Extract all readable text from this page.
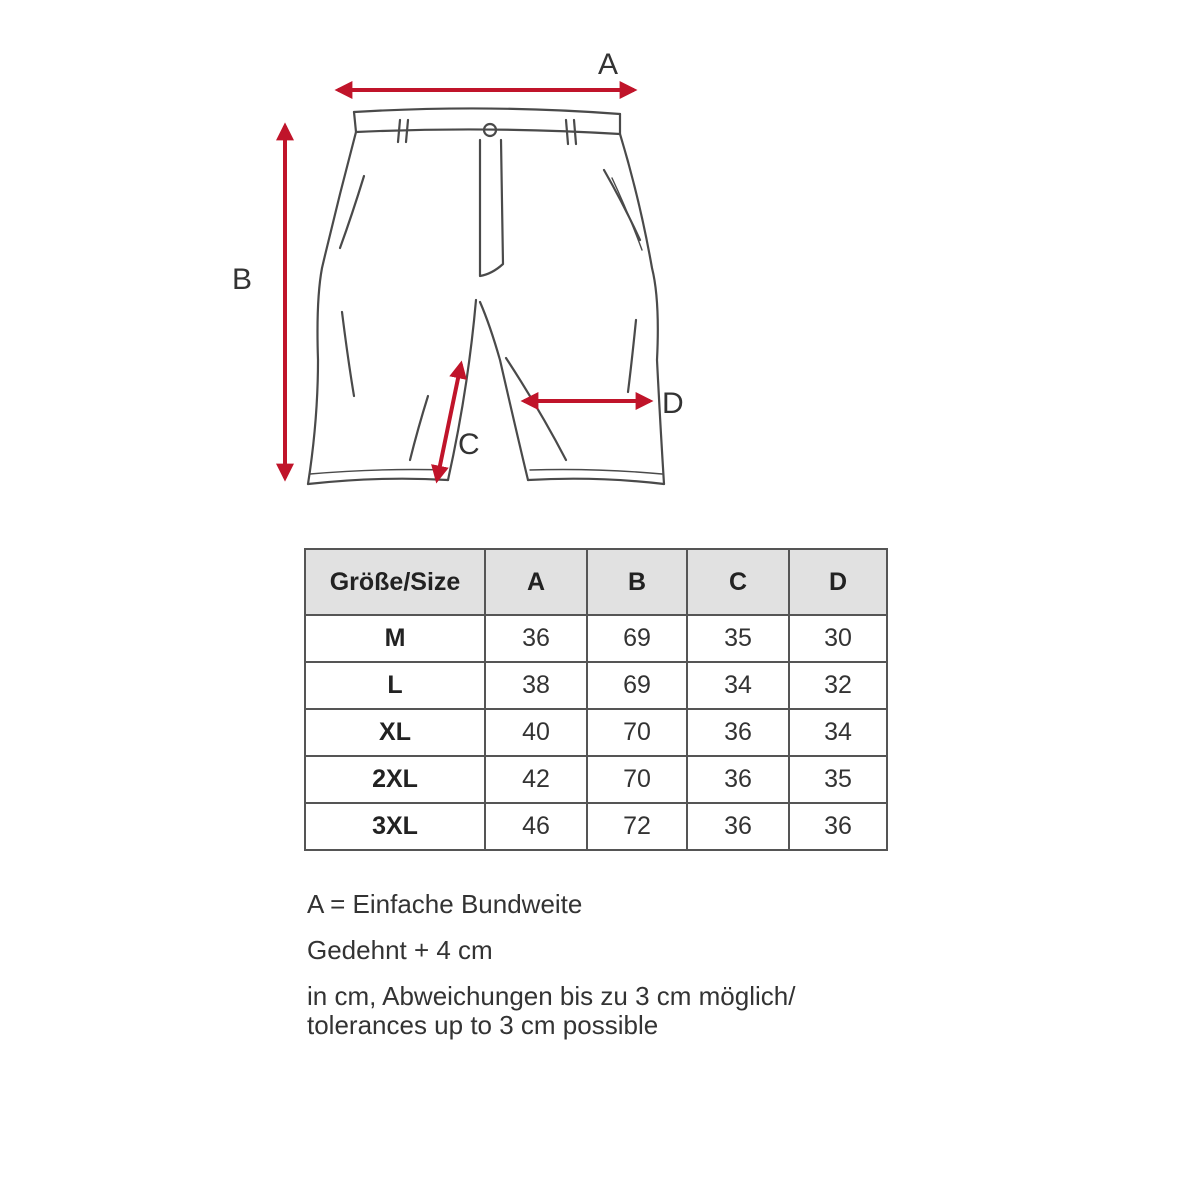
A
B
C
D
Größe/Size	A	B	C	D
M	36	69	35	30
L	38	69	34	32
XL	40	70	36	34
2XL	42	70	36	35
3XL	46	72	36	36
A = Einfache Bundweite
Gedehnt + 4 cm
in cm, Abweichungen bis zu 3 cm möglich/
tolerances up to 3 cm possible
